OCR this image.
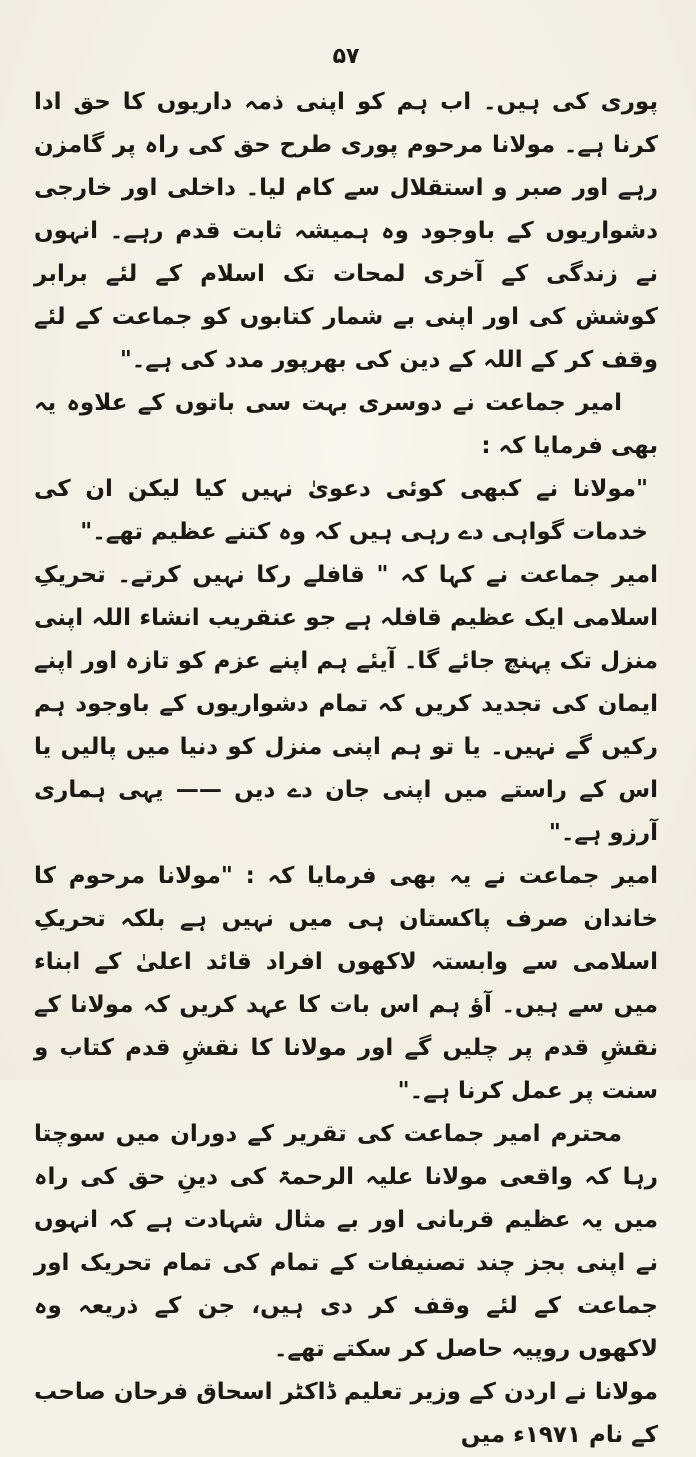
۵۷

پوری کی ہیں۔ اب ہم کو اپنی ذمہ داریوں کا حق ادا کرنا ہے۔ مولانا مرحوم پوری طرح حق کی راہ پر گامزن رہے اور صبر و استقلال سے کام لیا۔ داخلی اور خارجی دشواریوں کے باوجود وہ ہمیشہ ثابت قدم رہے۔ انہوں نے زندگی کے آخری لمحات تک اسلام کے لئے برابر کوشش کی اور اپنی بے شمار کتابوں کو جماعت کے لئے وقف کر کے اللہ کے دین کی بھرپور مدد کی ہے۔"

امیر جماعت نے دوسری بہت سی باتوں کے علاوہ یہ بھی فرمایا کہ :

"مولانا نے کبھی کوئی دعویٰ نہیں کیا لیکن ان کی خدمات گواہی دے رہی ہیں کہ وہ کتنے عظیم تھے۔"

امیر جماعت نے کہا کہ " قافلے رکا نہیں کرتے۔ تحریکِ اسلامی ایک عظیم قافلہ ہے جو عنقریب انشاء اللہ اپنی منزل تک پہنچ جائے گا۔ آیئے ہم اپنے عزم کو تازہ اور اپنے ایمان کی تجدید کریں کہ تمام دشواریوں کے باوجود ہم رکیں گے نہیں۔ یا تو ہم اپنی منزل کو دنیا میں پالیں یا اس کے راستے میں اپنی جان دے دیں —— یہی ہماری آرزو ہے۔"

امیر جماعت نے یہ بھی فرمایا کہ : "مولانا مرحوم کا خاندان صرف پاکستان ہی میں نہیں ہے بلکہ تحریکِ اسلامی سے وابستہ لاکھوں افراد قائد اعلیٰ کے ابناء میں سے ہیں۔ آؤ ہم اس بات کا عہد کریں کہ مولانا کے نقشِ قدم پر چلیں گے اور مولانا کا نقشِ قدم کتاب و سنت پر عمل کرنا ہے۔"

محترم امیر جماعت کی تقریر کے دوران میں سوچتا رہا کہ واقعی مولانا علیہ الرحمۃ کی دینِ حق کی راہ میں یہ عظیم قربانی اور بے مثال شہادت ہے کہ انہوں نے اپنی بجز چند تصنیفات کے تمام کی تمام تحریک اور جماعت کے لئے وقف کر دی ہیں، جن کے ذریعہ وہ لاکھوں روپیہ حاصل کر سکتے تھے۔

مولانا نے اردن کے وزیر تعلیم ڈاکٹر اسحاق فرحان صاحب کے نام ۱۹۷۱ء میں
